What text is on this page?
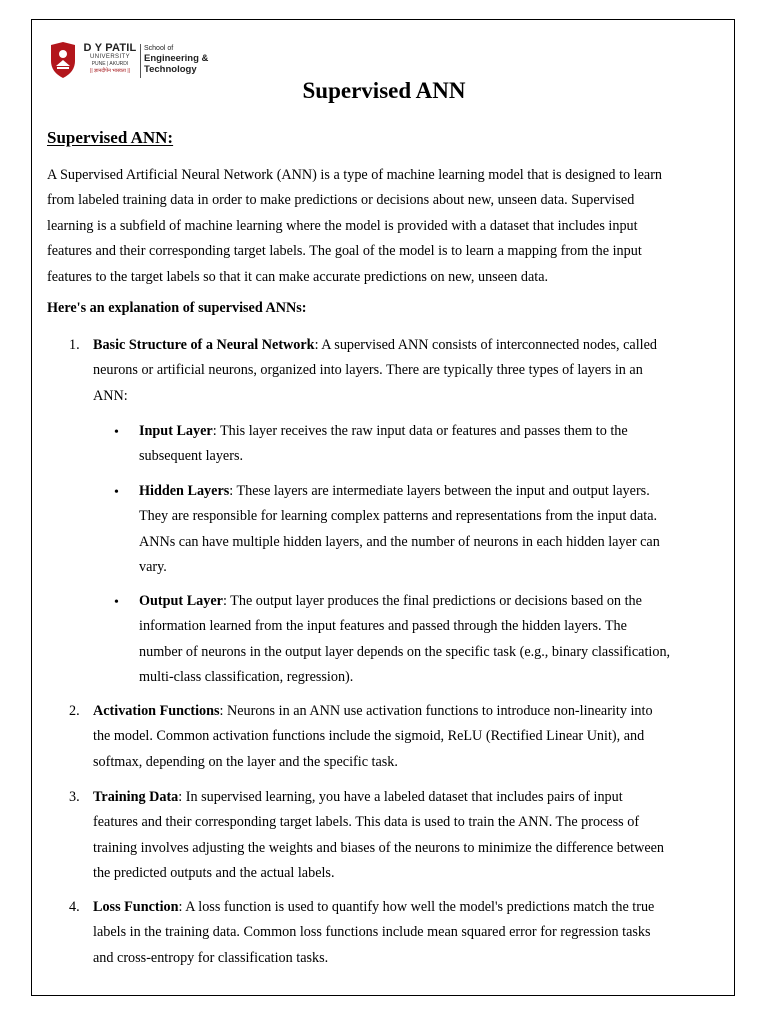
D Y PATIL
UNIVERSITY
PUNE | AKURDI
|| ज्ञानदीपेन भास्वता ||
School of
Engineering &
Technology
Supervised ANN
Supervised ANN:
A Supervised Artificial Neural Network (ANN) is a type of machine learning model that is designed to learn
from labeled training data in order to make predictions or decisions about new, unseen data. Supervised
learning is a subfield of machine learning where the model is provided with a dataset that includes input
features and their corresponding target labels. The goal of the model is to learn a mapping from the input
features to the target labels so that it can make accurate predictions on new, unseen data.
Here's an explanation of supervised ANNs:
1. Basic Structure of a Neural Network: A supervised ANN consists of interconnected nodes, called
neurons or artificial neurons, organized into layers. There are typically three types of layers in an
ANN:
• Input Layer: This layer receives the raw input data or features and passes them to the
subsequent layers.
• Hidden Layers: These layers are intermediate layers between the input and output layers.
They are responsible for learning complex patterns and representations from the input data.
ANNs can have multiple hidden layers, and the number of neurons in each hidden layer can
vary.
• Output Layer: The output layer produces the final predictions or decisions based on the
information learned from the input features and passed through the hidden layers. The
number of neurons in the output layer depends on the specific task (e.g., binary classification,
multi-class classification, regression).
2. Activation Functions: Neurons in an ANN use activation functions to introduce non-linearity into
the model. Common activation functions include the sigmoid, ReLU (Rectified Linear Unit), and
softmax, depending on the layer and the specific task.
3. Training Data: In supervised learning, you have a labeled dataset that includes pairs of input
features and their corresponding target labels. This data is used to train the ANN. The process of
training involves adjusting the weights and biases of the neurons to minimize the difference between
the predicted outputs and the actual labels.
4. Loss Function: A loss function is used to quantify how well the model's predictions match the true
labels in the training data. Common loss functions include mean squared error for regression tasks
and cross-entropy for classification tasks.
